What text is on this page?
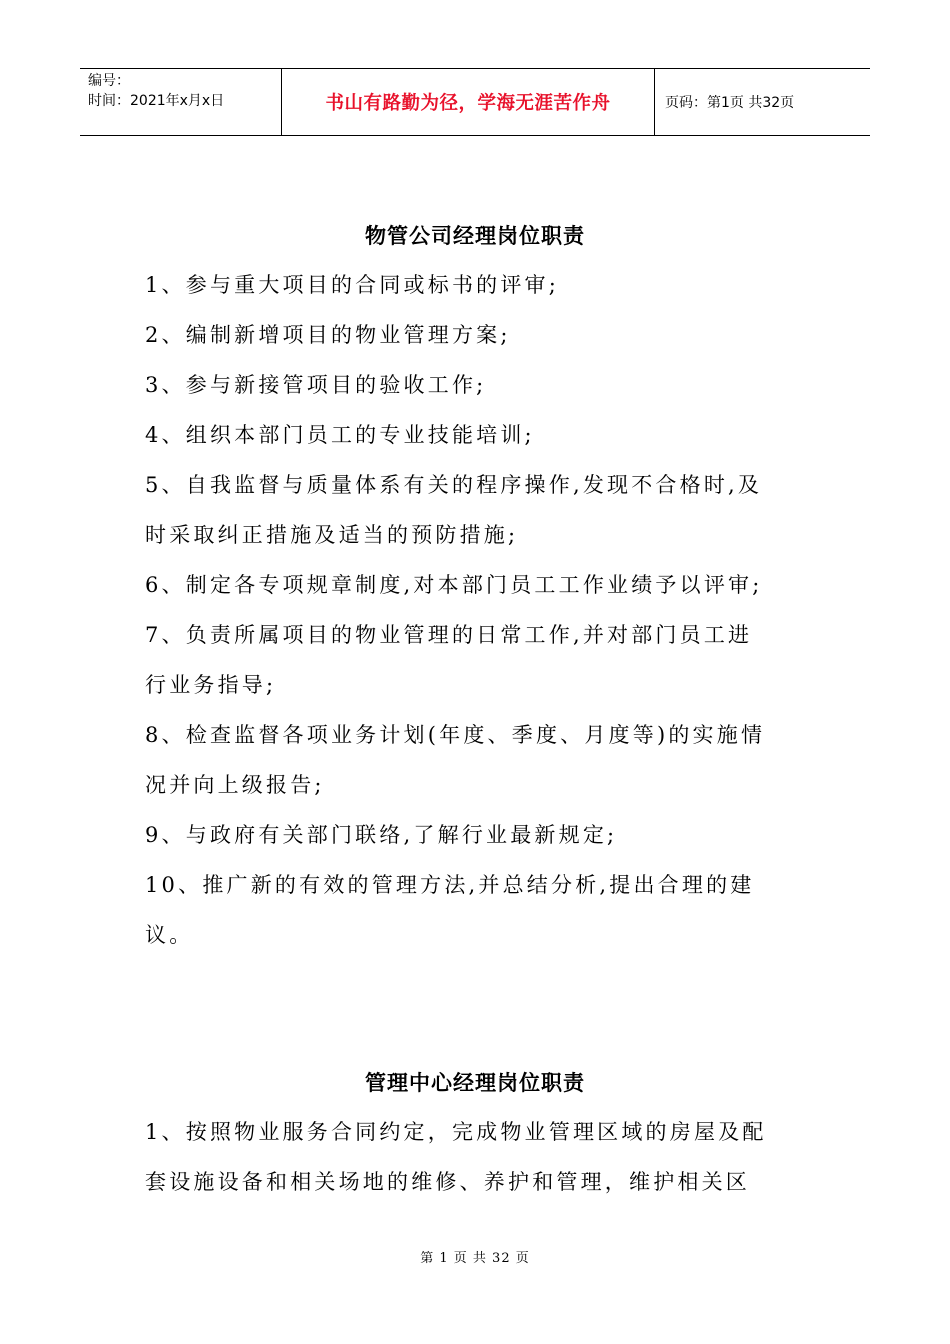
编号：
时间：2021年x月x日	书山有路勤为径，学海无涯苦作舟	页码：第1页 共32页
物管公司经理岗位职责
1、参与重大项目的合同或标书的评审;
2、编制新增项目的物业管理方案;
3、参与新接管项目的验收工作;
4、组织本部门员工的专业技能培训;
5、自我监督与质量体系有关的程序操作,发现不合格时,及
时采取纠正措施及适当的预防措施;
6、制定各专项规章制度,对本部门员工工作业绩予以评审;
7、负责所属项目的物业管理的日常工作,并对部门员工进
行业务指导;
8、检查监督各项业务计划(年度、季度、月度等)的实施情
况并向上级报告;
9、与政府有关部门联络,了解行业最新规定;
10、推广新的有效的管理方法,并总结分析,提出合理的建
议。
管理中心经理岗位职责
1、按照物业服务合同约定，完成物业管理区域的房屋及配
套设施设备和相关场地的维修、养护和管理，维护相关区
第 1 页 共 32 页
